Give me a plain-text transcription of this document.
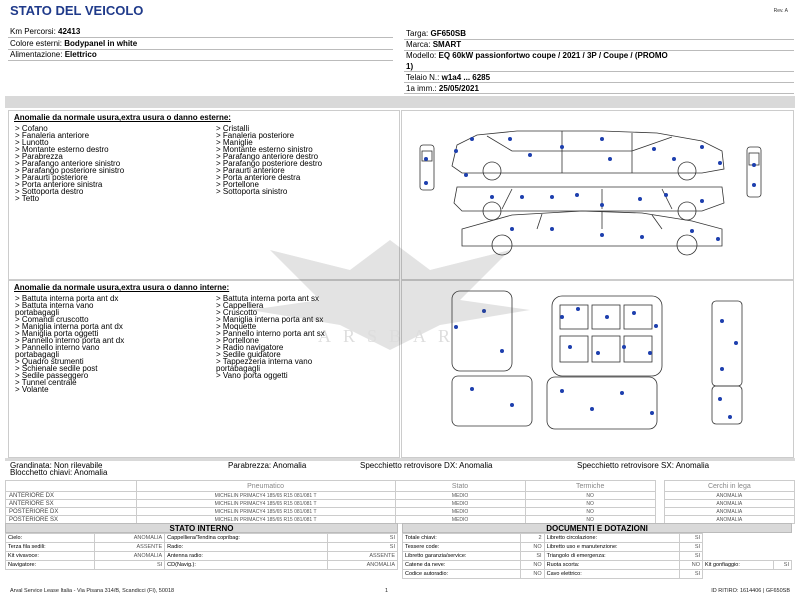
STATO DEL VEICOLO	Rev. A
Km Percorsi: 42413
Colore esterni: Bodypanel in white
Alimentazione: Elettrico
Targa: GF650SB
Marca: SMART
Modello: EQ 60kW passionfortwo coupe / 2021 / 3P / Coupe / (PROMO
1)
Telaio N.: w1a4 ... 6285
1a imm.: 25/05/2021
Anomalie da normale usura,extra usura o danno esterne:
> Cofano
> Fanaleria anteriore
> Lunotto
> Montante esterno destro
> Parabrezza
> Parafango anteriore sinistro
> Parafango posteriore sinistro
> Paraurti posteriore
> Porta anteriore sinistra
> Sottoporta destro
> Tetto
> Cristalli
> Fanaleria posteriore
> Maniglie
> Montante esterno sinistro
> Parafango anteriore destro
> Parafango posteriore destro
> Paraurti anteriore
> Porta anteriore destra
> Portellone
> Sottoporta sinistro
Anomalie da normale usura,extra usura o danno interne:
> Battuta interna porta ant dx
> Battuta interna vano
portabagagli
> Comandi cruscotto
> Maniglia interna porta ant dx
> Maniglia porta oggetti
> Pannello interno porta ant dx
> Pannello interno vano
portabagagli
> Quadro strumenti
> Schienale sedile post
> Sedile passeggero
> Tunnel centrale
> Volante
> Battuta interna porta ant sx
> Cappelliera
> Cruscotto
> Maniglia interna porta ant sx
> Moquette
> Pannello interno porta ant sx
> Portellone
> Radio navigatore
> Sedile guidatore
> Tappezzeria interna vano
portabagagli
> Vano porta oggetti
ARSBAR
Grandinata: Non rilevabile
Blocchetto chiavi: Anomalia
Parabrezza: Anomalia	Specchietto retrovisore DX: Anomalia	Specchietto retrovisore SX: Anomalia
	Pneumatico	Stato	Termiche		Cerchi in lega
ANTERIORE DX	MICHELIN PRIMACY4 185/65 R15 081/081 T	MEDIO	NO		ANOMALIA
ANTERIORE SX	MICHELIN PRIMACY4 185/65 R15 081/081 T	MEDIO	NO		ANOMALIA
POSTERIORE DX	MICHELIN PRIMACY4 185/65 R15 081/081 T	MEDIO	NO		ANOMALIA
POSTERIORE SX	MICHELIN PRIMACY4 185/65 R15 081/081 T	MEDIO	NO		ANOMALIA
STATO INTERNO
Cielo:	ANOMALIA	Cappelliera/Tendina copribag:	SI
Terza fila sedili:	ASSENTE	Radio:	SI
Kit vivavoce:	ANOMALIA	Antenna radio:	ASSENTE
Navigatore:	SI	CD(Navig.):	ANOMALIA
DOCUMENTI E DOTAZIONI
Totale chiavi:	2	Libretto circolazione:	SI		
Tessere code:	NO	Libretto uso e manutenzione:	SI		
Libretto garanzia/service:	SI	Triangolo di emergenza:	SI		
Catene da neve:	NO	Ruota scorta:	NO	Kit gonfiaggio:	SI
Codice autoradio:	NO	Cavo elettrico:	SI		
Arval Service Lease Italia - Via Pisana 314/B, Scandicci (FI), 50018	1	ID RITIRO: 1614406 | GF650SB
